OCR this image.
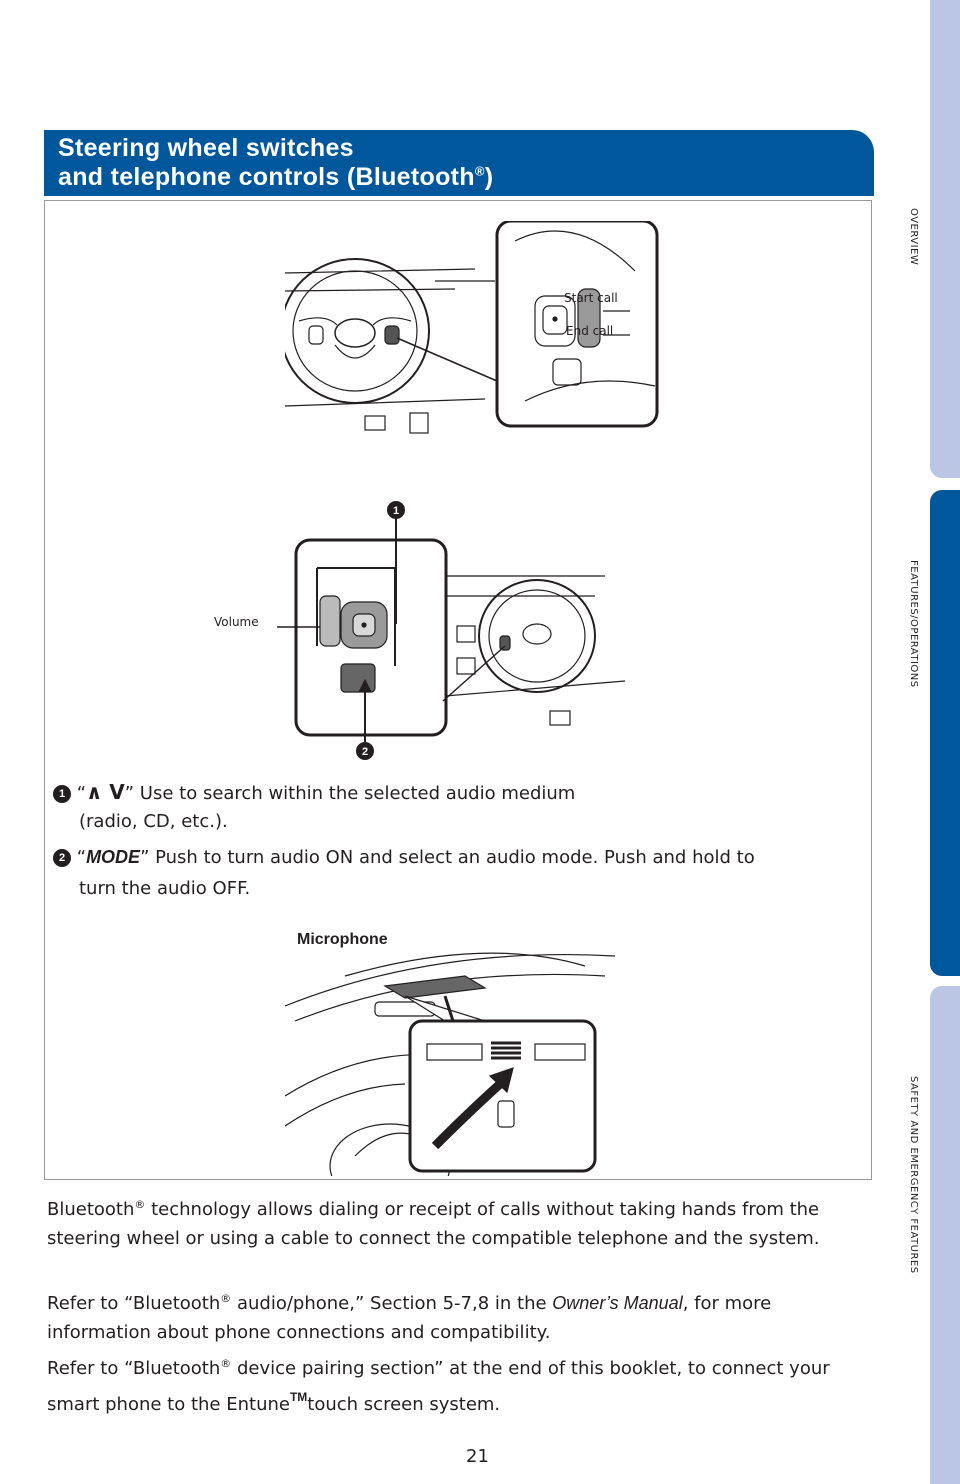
OVERVIEW
FEATURES/OPERATIONS
SAFETY AND EMERGENCY FEATURES
Steering wheel switches
and telephone controls (Bluetooth®)
Start call
End call
1
2
Volume
1 “∧ V” Use to search within the selected audio medium
(radio, CD, etc.).
2 “MODE” Push to turn audio ON and select an audio mode. Push and hold to
turn the audio OFF.
Microphone
Bluetooth® technology allows dialing or receipt of calls without taking hands from the steering wheel or using a cable to connect the compatible telephone and the system.
Refer to “Bluetooth® audio/phone,” Section 5-7,8 in the Owner’s Manual, for more information about phone connections and compatibility.
Refer to “Bluetooth® device pairing section” at the end of this booklet, to connect your smart phone to the Entune™touch screen system.
21
